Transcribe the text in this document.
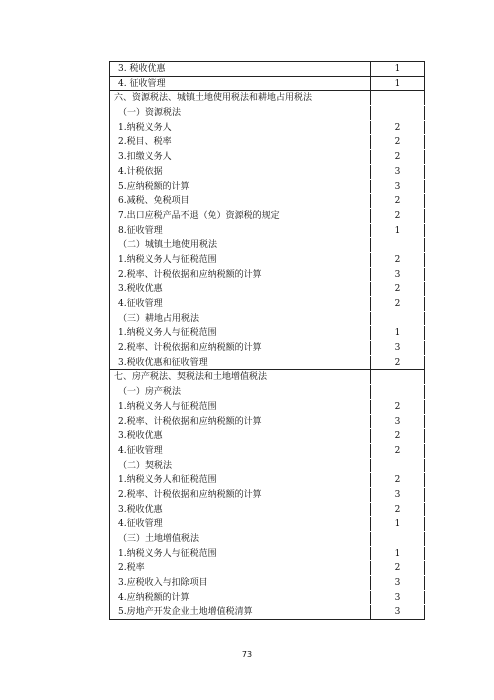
3. 税收优惠	1
4. 征收管理	1
六、资源税法、城镇土地使用税法和耕地占用税法
（一）资源税法
1.纳税义务人	2
2.税目、税率	2
3.扣缴义务人	2
4.计税依据	3
5.应纳税额的计算	3
6.减税、免税项目	2
7.出口应税产品不退（免）资源税的规定	2
8.征收管理	1
（二）城镇土地使用税法
1.纳税义务人与征税范围	2
2.税率、计税依据和应纳税额的计算	3
3.税收优惠	2
4.征收管理	2
（三）耕地占用税法
1.纳税义务人与征税范围	1
2.税率、计税依据和应纳税额的计算	3
3.税收优惠和征收管理	2
七、房产税法、契税法和土地增值税法
（一）房产税法
1.纳税义务人与征税范围	2
2.税率、计税依据和应纳税额的计算	3
3.税收优惠	2
4.征收管理	2
（二）契税法
1.纳税义务人和征税范围	2
2.税率、计税依据和应纳税额的计算	3
3.税收优惠	2
4.征收管理	1
（三）土地增值税法
1.纳税义务人与征税范围	1
2.税率	2
3.应税收入与扣除项目	3
4.应纳税额的计算	3
5.房地产开发企业土地增值税清算	3
73
